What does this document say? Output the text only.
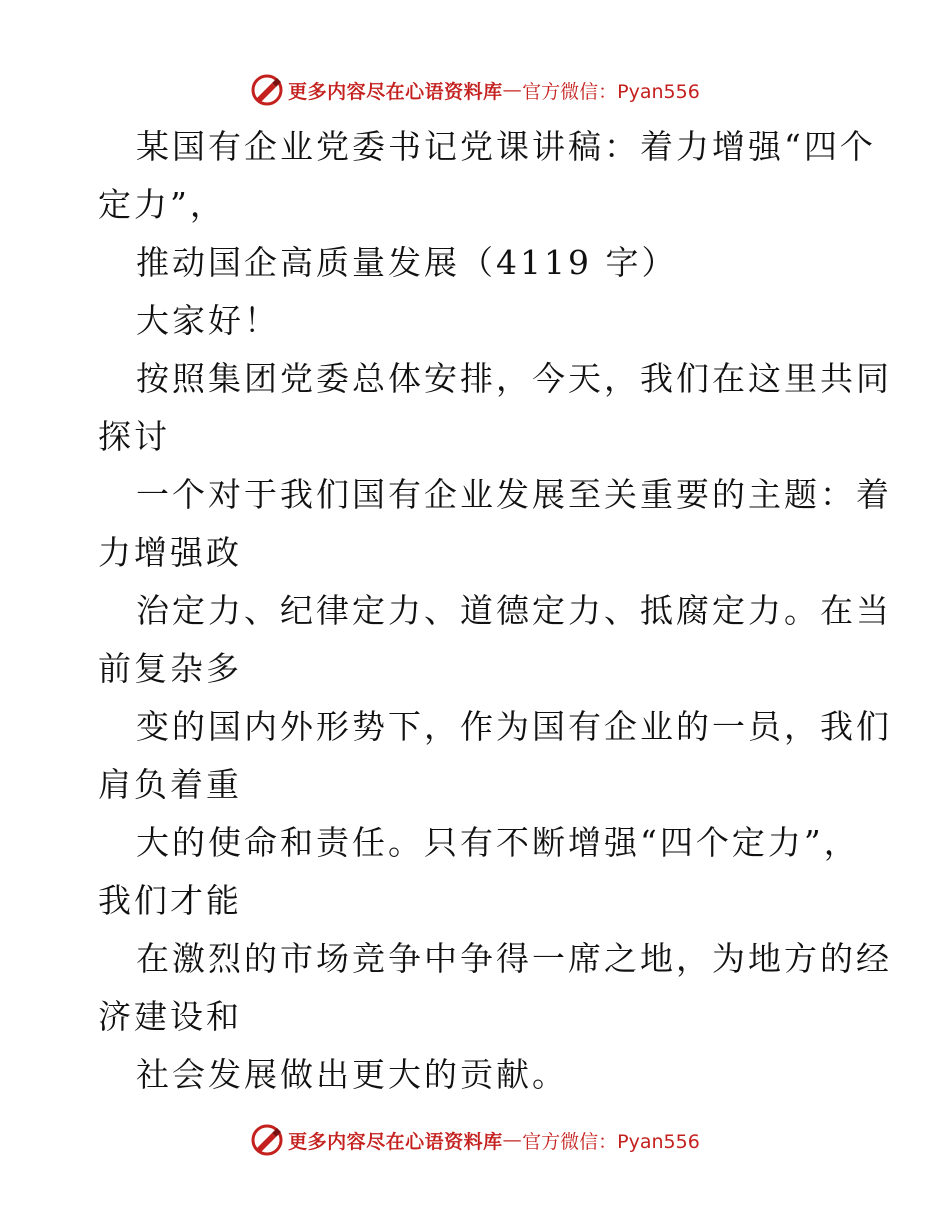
更多内容尽在心语资料库 — 官方微信：Pyan556
某国有企业党委书记党课讲稿：着力增强“四个
定力”，
推动国企高质量发展（4119 字）
大家好！
按照集团党委总体安排，今天，我们在这里共同
探讨
一个对于我们国有企业发展至关重要的主题：着
力增强政
治定力、纪律定力、道德定力、抵腐定力。在当
前复杂多
变的国内外形势下，作为国有企业的一员，我们
肩负着重
大的使命和责任。只有不断增强“四个定力”，
我们才能
在激烈的市场竞争中争得一席之地，为地方的经
济建设和
社会发展做出更大的贡献。
更多内容尽在心语资料库 — 官方微信：Pyan556
